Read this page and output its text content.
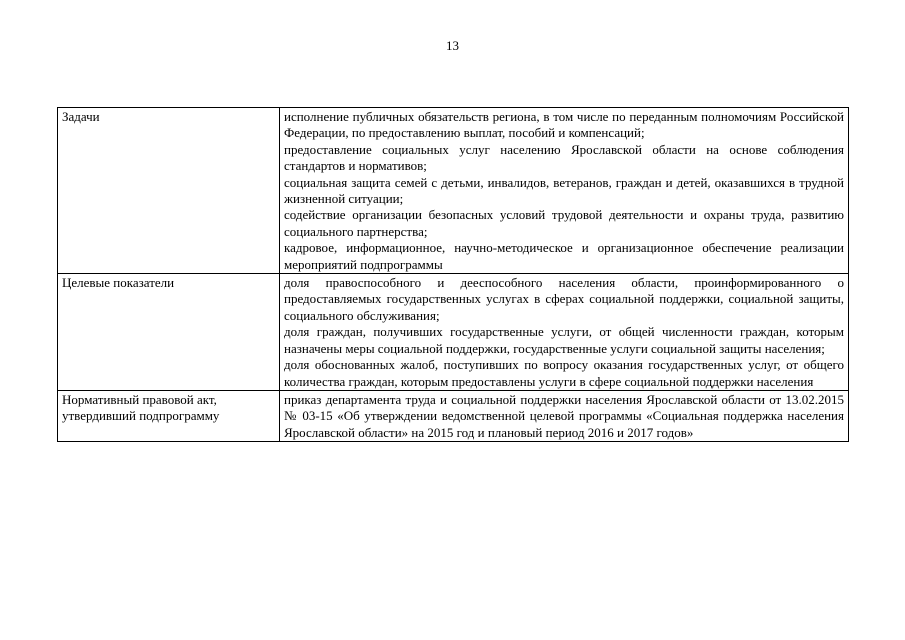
13
Задачи	исполнение публичных обязательств региона, в том числе по переданным полномочиям Российской Федерации, по предоставлению выплат, пособий и компенсаций;
предоставление социальных услуг населению Ярославской области на основе соблюдения стандартов и нормативов;
социальная защита семей с детьми, инвалидов, ветеранов, граждан и детей, оказавшихся в трудной жизненной ситуации;
содействие организации безопасных условий трудовой деятельности и охраны труда, развитию социального партнерства;
кадровое, информационное, научно-методическое и организационное обеспечение реализации мероприятий подпрограммы

Целевые показатели	доля правоспособного и дееспособного населения области, проинформированного о предоставляемых государственных услугах в сферах социальной поддержки, социальной защиты, социального обслуживания;
доля граждан, получивших государственные услуги, от общей численности граждан, которым назначены меры социальной поддержки, государственные услуги социальной защиты населения;
доля обоснованных жалоб, поступивших по вопросу оказания государственных услуг, от общего количества граждан, которым предоставлены услуги в сфере социальной поддержки населения

Нормативный правовой акт, утвердивший подпрограмму	приказ департамента труда и социальной поддержки населения Ярославской области от 13.02.2015 № 03-15 «Об утверждении ведомственной целевой программы «Социальная поддержка населения Ярославской области» на 2015 год и плановый период 2016 и 2017 годов»
